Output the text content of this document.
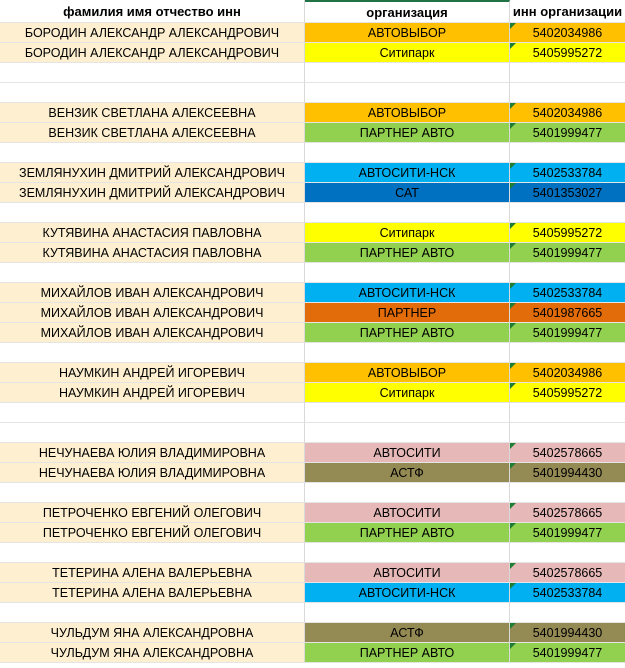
фамилия имя отчество инн	организация	инн организации
БОРОДИН АЛЕКСАНДР АЛЕКСАНДРОВИЧ	АВТОВЫБОР	5402034986
БОРОДИН АЛЕКСАНДР АЛЕКСАНДРОВИЧ	Ситипарк	5405995272
ВЕНЗИК СВЕТЛАНА АЛЕКСЕЕВНА	АВТОВЫБОР	5402034986
ВЕНЗИК СВЕТЛАНА АЛЕКСЕЕВНА	ПАРТНЕР АВТО	5401999477
ЗЕМЛЯНУХИН ДМИТРИЙ АЛЕКСАНДРОВИЧ	АВТОСИТИ-НСК	5402533784
ЗЕМЛЯНУХИН ДМИТРИЙ АЛЕКСАНДРОВИЧ	САТ	5401353027
КУТЯВИНА АНАСТАСИЯ ПАВЛОВНА	Ситипарк	5405995272
КУТЯВИНА АНАСТАСИЯ ПАВЛОВНА	ПАРТНЕР АВТО	5401999477
МИХАЙЛОВ ИВАН АЛЕКСАНДРОВИЧ	АВТОСИТИ-НСК	5402533784
МИХАЙЛОВ ИВАН АЛЕКСАНДРОВИЧ	ПАРТНЕР	5401987665
МИХАЙЛОВ ИВАН АЛЕКСАНДРОВИЧ	ПАРТНЕР АВТО	5401999477
НАУМКИН АНДРЕЙ ИГОРЕВИЧ	АВТОВЫБОР	5402034986
НАУМКИН АНДРЕЙ ИГОРЕВИЧ	Ситипарк	5405995272
НЕЧУНАЕВА ЮЛИЯ ВЛАДИМИРОВНА	АВТОСИТИ	5402578665
НЕЧУНАЕВА ЮЛИЯ ВЛАДИМИРОВНА	АСТФ	5401994430
ПЕТРОЧЕНКО ЕВГЕНИЙ ОЛЕГОВИЧ	АВТОСИТИ	5402578665
ПЕТРОЧЕНКО ЕВГЕНИЙ ОЛЕГОВИЧ	ПАРТНЕР АВТО	5401999477
ТЕТЕРИНА АЛЕНА ВАЛЕРЬЕВНА	АВТОСИТИ	5402578665
ТЕТЕРИНА АЛЕНА ВАЛЕРЬЕВНА	АВТОСИТИ-НСК	5402533784
ЧУЛЬДУМ ЯНА АЛЕКСАНДРОВНА	АСТФ	5401994430
ЧУЛЬДУМ ЯНА АЛЕКСАНДРОВНА	ПАРТНЕР АВТО	5401999477
